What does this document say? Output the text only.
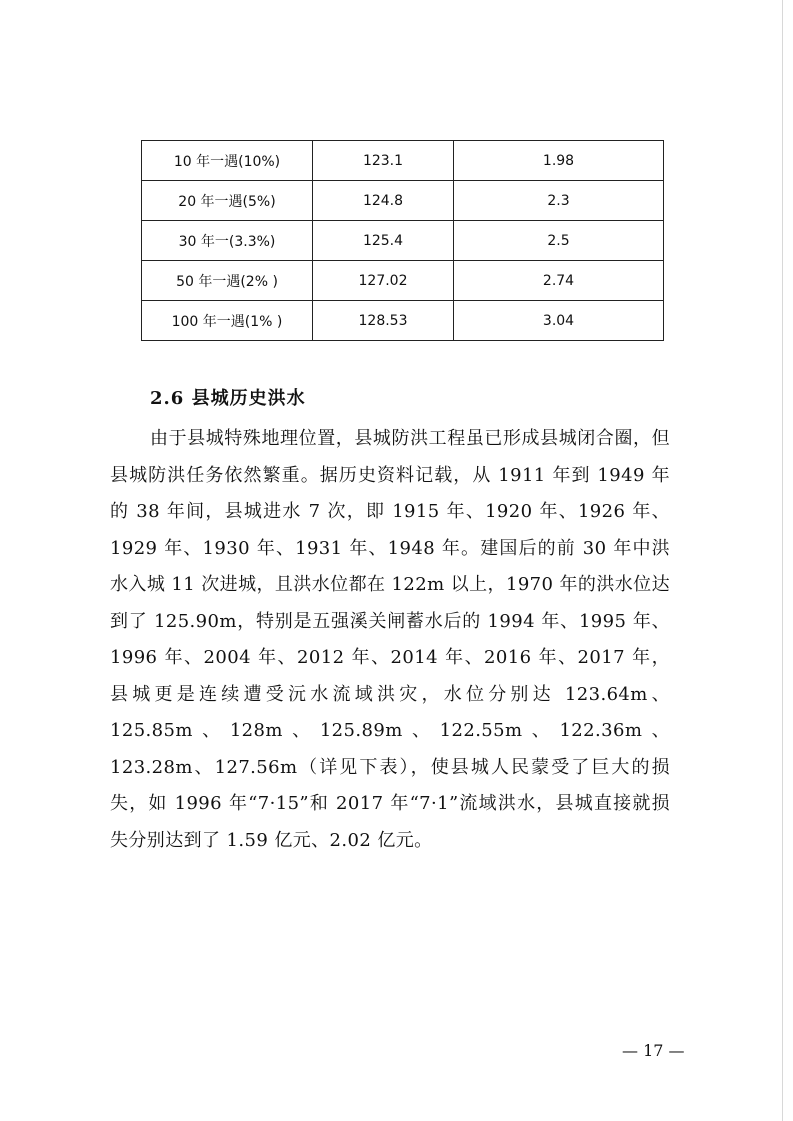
10 年一遇(10%)	123.1	1.98
20 年一遇(5%)	124.8	2.3
30 年一(3.3%)	125.4	2.5
50 年一遇(2% )	127.02	2.74
100 年一遇(1% )	128.53	3.04
2.6 县城历史洪水

由于县城特殊地理位置，县城防洪工程虽已形成县城闭合圈，但县城防洪任务依然繁重。据历史资料记载，从 1911 年到 1949 年的 38 年间，县城进水 7 次，即 1915 年、1920 年、1926 年、1929 年、1930 年、1931 年、1948 年。建国后的前 30 年中洪水入城 11 次进城，且洪水位都在 122m 以上，1970 年的洪水位达到了 125.90m，特别是五强溪关闸蓄水后的 1994 年、1995 年、1996 年、2004 年、2012 年、2014 年、2016 年、2017 年，县城更是连续遭受沅水流域洪灾，水位分别达 123.64m、125.85m、128m、125.89m、122.55m、122.36m、123.28m、127.56m（详见下表），使县城人民蒙受了巨大的损失，如 1996 年“7·15”和 2017 年“7·1”流域洪水，县城直接就损失分别达到了 1.59 亿元、2.02 亿元。

— 17 —
